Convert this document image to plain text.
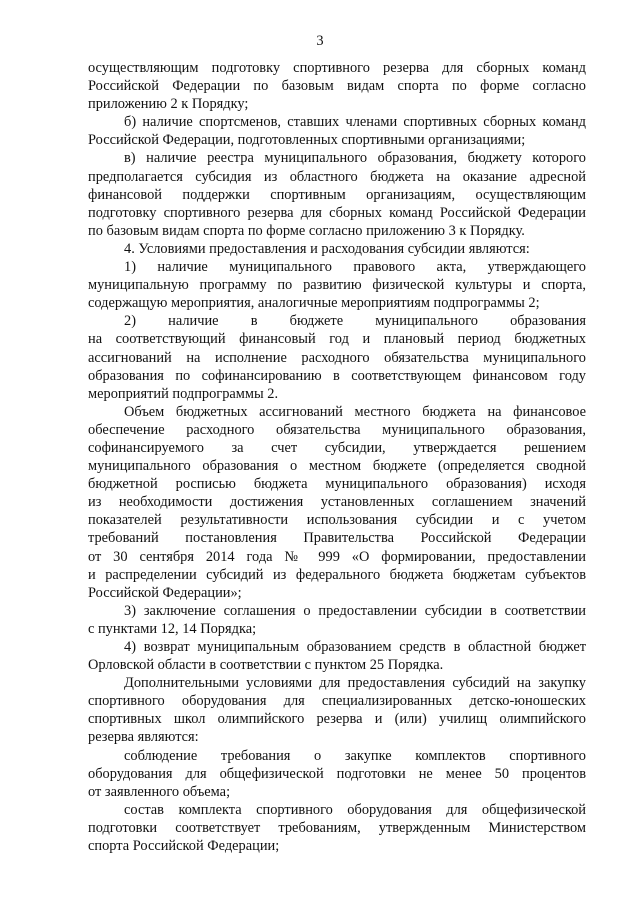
3

осуществляющим подготовку спортивного резерва для сборных команд
Российской Федерации по базовым видам спорта по форме согласно
приложению 2 к Порядку;

б) наличие спортсменов, ставших членами спортивных сборных команд
Российской Федерации, подготовленных спортивными организациями;

в) наличие реестра муниципального образования, бюджету которого
предполагается субсидия из областного бюджета на оказание адресной
финансовой поддержки спортивным организациям, осуществляющим
подготовку спортивного резерва для сборных команд Российской Федерации
по базовым видам спорта по форме согласно приложению 3 к Порядку.

4. Условиями предоставления и расходования субсидии являются:

1) наличие муниципального правового акта, утверждающего
муниципальную программу по развитию физической культуры и спорта,
содержащую мероприятия, аналогичные мероприятиям подпрограммы 2;

2) наличие в бюджете муниципального образования
на соответствующий финансовый год и плановый период бюджетных
ассигнований на исполнение расходного обязательства муниципального
образования по софинансированию в соответствующем финансовом году
мероприятий подпрограммы 2.

Объем бюджетных ассигнований местного бюджета на финансовое
обеспечение расходного обязательства муниципального образования,
софинансируемого за счет субсидии, утверждается решением
муниципального образования о местном бюджете (определяется сводной
бюджетной росписью бюджета муниципального образования) исходя
из необходимости достижения установленных соглашением значений
показателей результативности использования субсидии и с учетом
требований постановления Правительства Российской Федерации
от 30 сентября 2014 года № 999 «О формировании, предоставлении
и распределении субсидий из федерального бюджета бюджетам субъектов
Российской Федерации»;

3) заключение соглашения о предоставлении субсидии в соответствии
с пунктами 12, 14 Порядка;

4) возврат муниципальным образованием средств в областной бюджет
Орловской области в соответствии с пунктом 25 Порядка.

Дополнительными условиями для предоставления субсидий на закупку
спортивного оборудования для специализированных детско-юношеских
спортивных школ олимпийского резерва и (или) училищ олимпийского
резерва являются:

соблюдение требования о закупке комплектов спортивного
оборудования для общефизической подготовки не менее 50 процентов
от заявленного объема;

состав комплекта спортивного оборудования для общефизической
подготовки соответствует требованиям, утвержденным Министерством
спорта Российской Федерации;
